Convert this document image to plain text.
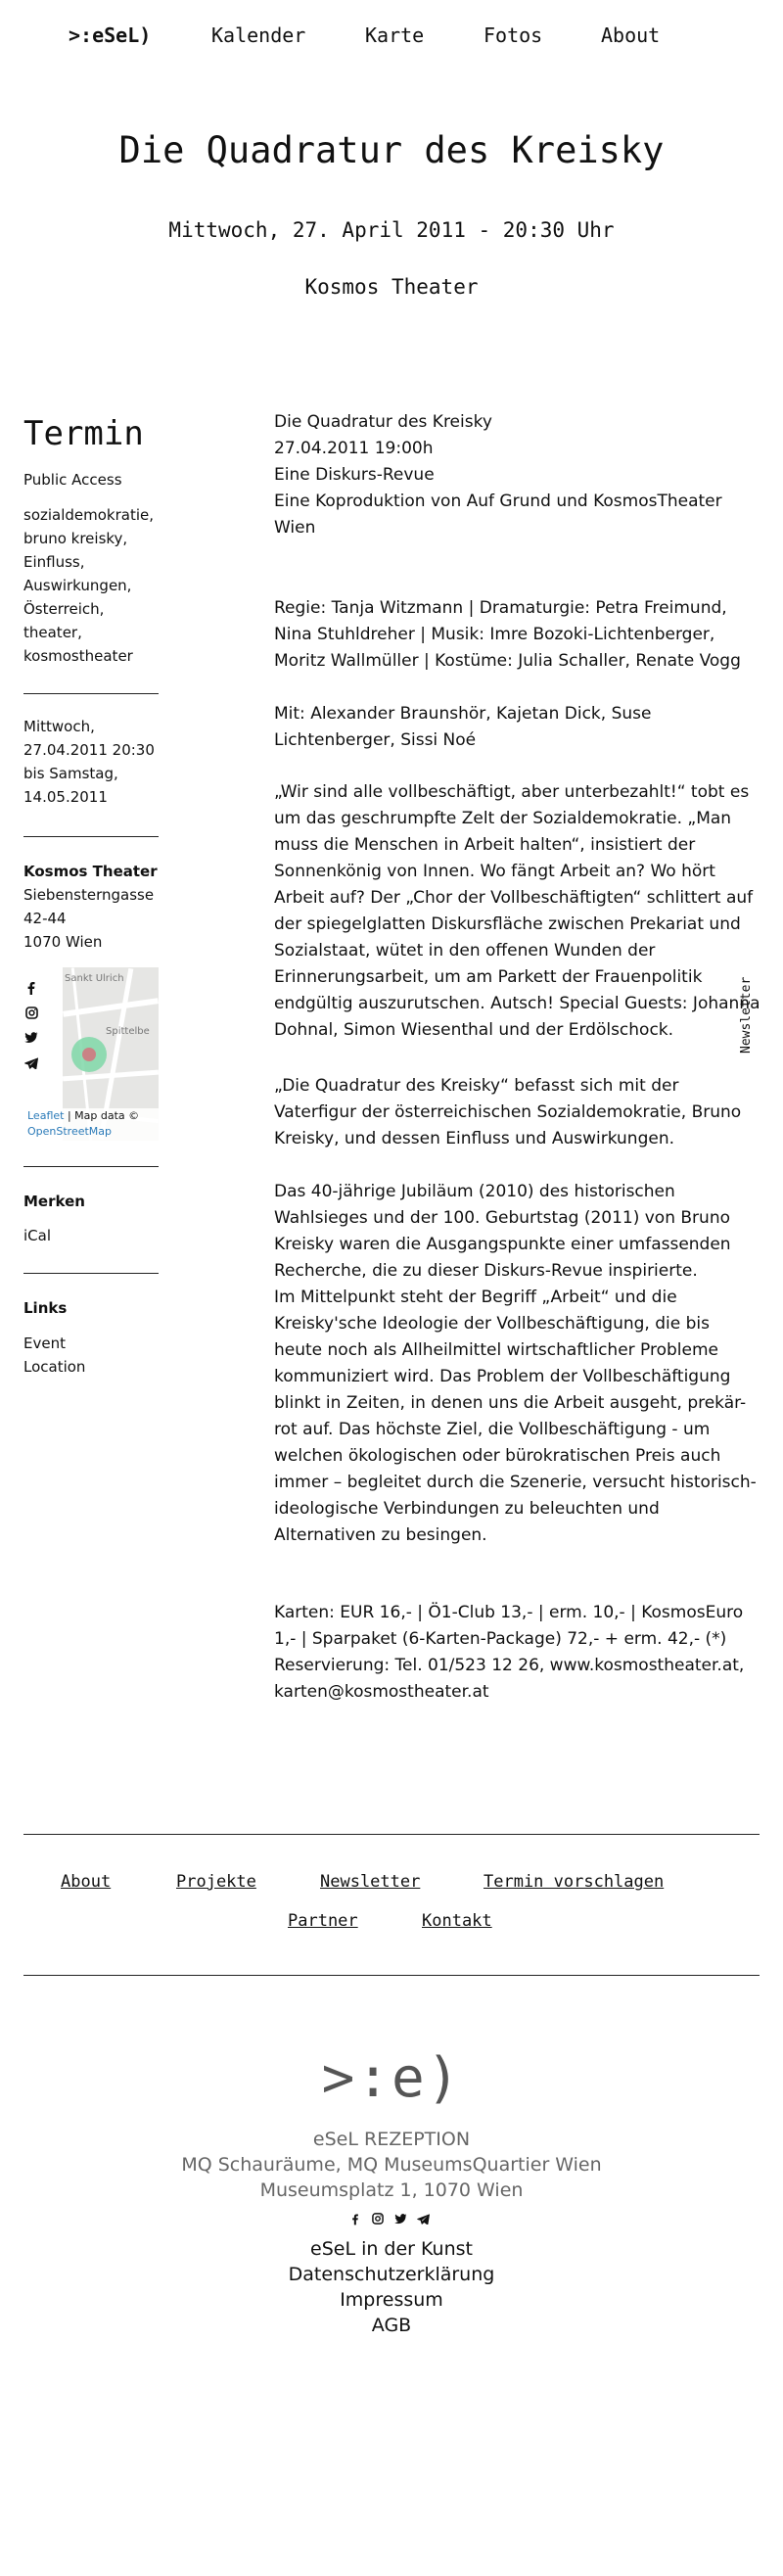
>:eSeL)	Kalender	Karte	Fotos	About
Die Quadratur des Kreisky
Mittwoch, 27. April 2011 - 20:30 Uhr
Kosmos Theater
Termin
Public Access
sozialdemokratie,
bruno kreisky,
Einfluss,
Auswirkungen,
Österreich,
theater,
kosmostheater
Mittwoch,
27.04.2011 20:30
bis Samstag,
14.05.2011
Kosmos Theater
Siebensterngasse
42-44
1070 Wien
Sankt Ulrich
Spittelbe
Leaflet | Map data ©
OpenStreetMap
Merken
iCal
Links
Event
Location

Die Quadratur des Kreisky

27.04.2011 19:00h

Eine Diskurs-Revue

Eine Koproduktion von Auf Grund und KosmosTheater Wien

Regie: Tanja Witzmann | Dramaturgie: Petra Freimund, Nina Stuhldreher | Musik: Imre Bozoki-Lichtenberger, Moritz Wallmüller | Kostüme: Julia Schaller, Renate Vogg

Mit: Alexander Braunshör, Kajetan Dick, Suse Lichtenberger, Sissi Noé

„Wir sind alle vollbeschäftigt, aber unterbezahlt!“ tobt es um das geschrumpfte Zelt der Sozialdemokratie. „Man muss die Menschen in Arbeit halten“, insistiert der Sonnenkönig von Innen. Wo fängt Arbeit an? Wo hört Arbeit auf? Der „Chor der Vollbeschäftigten“ schlittert auf der spiegelglatten Diskursfläche zwischen Prekariat und Sozialstaat, wütet in den offenen Wunden der Erinnerungsarbeit, um am Parkett der Frauenpolitik endgültig auszurutschen. Autsch! Special Guests: Johanna Dohnal, Simon Wiesenthal und der Erdölschock.

„Die Quadratur des Kreisky“ befasst sich mit der Vaterfigur der österreichischen Sozialdemokratie, Bruno Kreisky, und dessen Einfluss und Auswirkungen.

Das 40-jährige Jubiläum (2010) des historischen Wahlsieges und der 100. Geburtstag (2011) von Bruno Kreisky waren die Ausgangspunkte einer umfassenden Recherche, die zu dieser Diskurs-Revue inspirierte.

Im Mittelpunkt steht der Begriff „Arbeit“ und die Kreisky'sche Ideologie der Vollbeschäftigung, die bis heute noch als Allheilmittel wirtschaftlicher Probleme kommuniziert wird. Das Problem der Vollbeschäftigung blinkt in Zeiten, in denen uns die Arbeit ausgeht, prekär-rot auf. Das höchste Ziel, die Vollbeschäftigung - um welchen ökologischen oder bürokratischen Preis auch immer – begleitet durch die Szenerie, versucht historisch-ideologische Verbindungen zu beleuchten und Alternativen zu besingen.

Karten: EUR 16,- | Ö1-Club 13,- | erm. 10,- | KosmosEuro 1,- | Sparpaket (6-Karten-Package) 72,- + erm. 42,- (*)

Reservierung: Tel. 01/523 12 26, www.kosmostheater.at, karten@kosmostheater.at

Newsletter
About	Projekte	Newsletter	Termin vorschlagen
Partner	Kontakt
>:e)
eSeL REZEPTION
MQ Schauräume, MQ MuseumsQuartier Wien
Museumsplatz 1, 1070 Wien
eSeL in der Kunst
Datenschutzerklärung
Impressum
AGB
